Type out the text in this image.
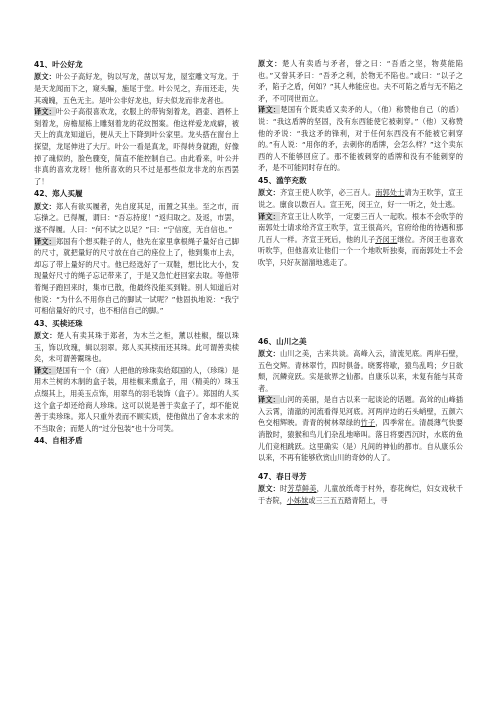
41、叶公好龙

原文：叶公子高好龙，钩以写龙，凿以写龙，屋室雕文写龙。于是天龙闻而下之，窥头騙，施尾于堂。叶公见之，弃而还走，失其魂魄，五色无主。是叶公非好龙也，好夫似龙而非龙者也。

译文：叶公子高很喜欢龙，衣服上的带钩刻着龙，酒壶、酒杯上刻着龙，房檐屋栋上雕刻着龙的花纹图案。他这样爱龙成癖，被天上的真龙知道后，便从天上下降到叶公家里。龙头搭在窗台上探望，龙尾伸进了大厅。叶公一看是真龙，吓得转身就跑，好像掉了魂似的，脸色骤变，简直不能控制自己。由此看来，叶公并非真的喜欢龙呀！他所喜欢的只不过是那些似龙非龙的东西罢了！

42、郑人买履

原文：郑人有欲买履者，先自度其足，而置之其坐。至之市，而忘操之。已得履，谓曰：“吾忘持度！”返归取之。及返，市罢，遂不得履。人曰：“何不试之以足？”曰：“宁信度，无自信也。”

译文：郑国有个想买鞋子的人，他先在家里拿根绳子量好自己脚的尺寸，就把量好的尺寸放在自己的座位上了，他到集市上去，却忘了带上量好的尺寸。他已经选好了一双鞋，想比比大小，发现量好尺寸的绳子忘记带来了，于是又急忙赶回家去取。等他带着绳子跑回来时，集市已散，他最终没能买到鞋。别人知道后对他说：“为什么不用你自己的脚试一试呢？”他固执地说：“我宁可相信量好的尺寸，也不相信自己的脚。”

43、买椟还珠

原文：楚人有卖其珠于郑者，为木兰之柜，薰以桂椒，缀以珠玉，饰以玫瑰，辑以羽翠。郑人买其椟而还其珠。此可谓善卖椟矣，未可谓善鬻珠也。

译文：楚国有一个（商）人把他的珍珠卖给郑国的人，（珍珠）是用木兰树的木制的盒子装，用桂椒来熏盒子，用（精美的）珠玉点缀其上，用美玉点饰，用翠鸟的羽毛装饰（盒子）。郑国的人买这个盒子却还给商人珍珠。这可以说是善于卖盒子了，却不能说善于卖珍珠。郑人只重外表而不顾实质，使他做出了舍本求末的不当取舍；而楚人的“过分包装”也十分可笑。

44、自相矛盾

原文：楚人有卖盾与矛者，誉之曰：“吾盾之坚，物莫能陷也。”又誉其矛曰：“吾矛之利，於物无不陷也。”或曰：“以子之矛，陷子之盾，何如？”其人弗能应也。夫不可陷之盾与无不陷之矛，不可同世而立。

译文：楚国有个既卖盾又卖矛的人，（他）称赞他自己（的盾）说：“我这盾牌的坚固，没有东西能使它被刺穿。”（他）又称赞他的矛说：“我这矛的锋利，对于任何东西没有不能被它刺穿的。”有人说：“用你的矛，去刺你的盾牌，会怎么样？”这个卖东西的人不能够回应了。那不能被刺穿的盾牌和没有不能刺穿的矛，是不可能同时存在的。

45、滥竽充数

原文：齐宣王使人吹竽，必三百人。南郭处士请为王吹竽，宣王说之。廪食以数百人。宣王死，闵王立，好一一听之，处士逃。

译文：齐宣王让人吹竽，一定要三百人一起吹。根本不会吹竽的南郭处士请求给齐宣王吹竽，宣王很高兴，官府给他的待遇和那几百人一样。齐宣王死后，他的儿子齐闵王继位。齐闵王也喜欢听吹竽，但他喜欢让他们一个一个地吹听独奏，而南郭处士不会吹竽，只好灰溜溜地逃走了。

46、山川之美

原文：山川之美，古来共谈。高峰入云，清流见底。两岸石壁，五色交辉。青林翠竹，四时俱备。晓雾将歇，猿鸟乱鸣；夕日欲颓，沉鳞竞跃。实是欲界之仙都。自康乐以来，未复有能与其奇者。

译文：山河的美丽，是自古以来一起谈论的话题。高耸的山峰插入云霄，清澈的河流看得见河底。河两岸边的石头峭壁，五颜六色交相辉映。青青的树林翠绿的竹子，四季常在。清晨薄气快要消散时，猿猴和鸟儿们杂乱地啼叫。落日将要西沉时，水底的鱼儿们竞相跳跃。这里确实（是）凡间的神仙的都市。自从康乐公以来，不再有能够欣赏山川的奇妙的人了。

47、春日寻芳

原文：时芳草鲜美，儿童放纸鸢于村外，春花绚烂，妇女戏秋千于杏院，小姊妹或三三五五踏青陌上，寻
